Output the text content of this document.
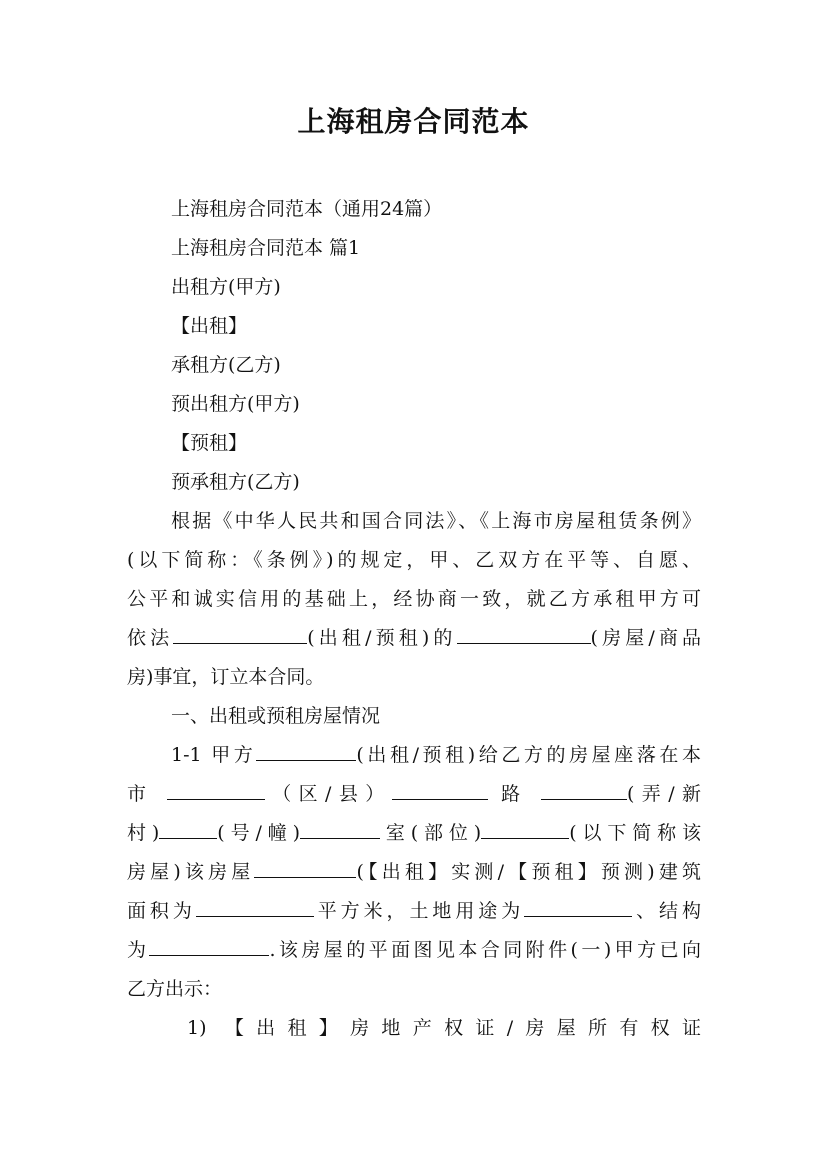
上海租房合同范本
上海租房合同范本（通用24篇）
上海租房合同范本 篇1
出租方(甲方)
【出租】
承租方(乙方)
预出租方(甲方)
【预租】
预承租方(乙方)
根据《中华人民共和国合同法》、《上海市房屋租赁条例》
(以下简称：《条例》)的规定，甲、乙双方在平等、自愿、
公平和诚实信用的基础上，经协商一致，就乙方承租甲方可
依法	(出租/预租)的	(房屋/商品
房)事宜，订立本合同。
一、出租或预租房屋情况
1-1 甲方	(出租/预租)给乙方的房屋座落在本
市	（区/县）	路	(弄/新
村)	(号/幢)	室(部位)	(以下简称该
房屋)该房屋	(【出租】实测/【预租】预测)建筑
面积为	平方米，土地用途为	、结构
为	.该房屋的平面图见本合同附件(一)甲方已向
乙方出示：
1) 【出租】房地产权证/房屋所有权证
